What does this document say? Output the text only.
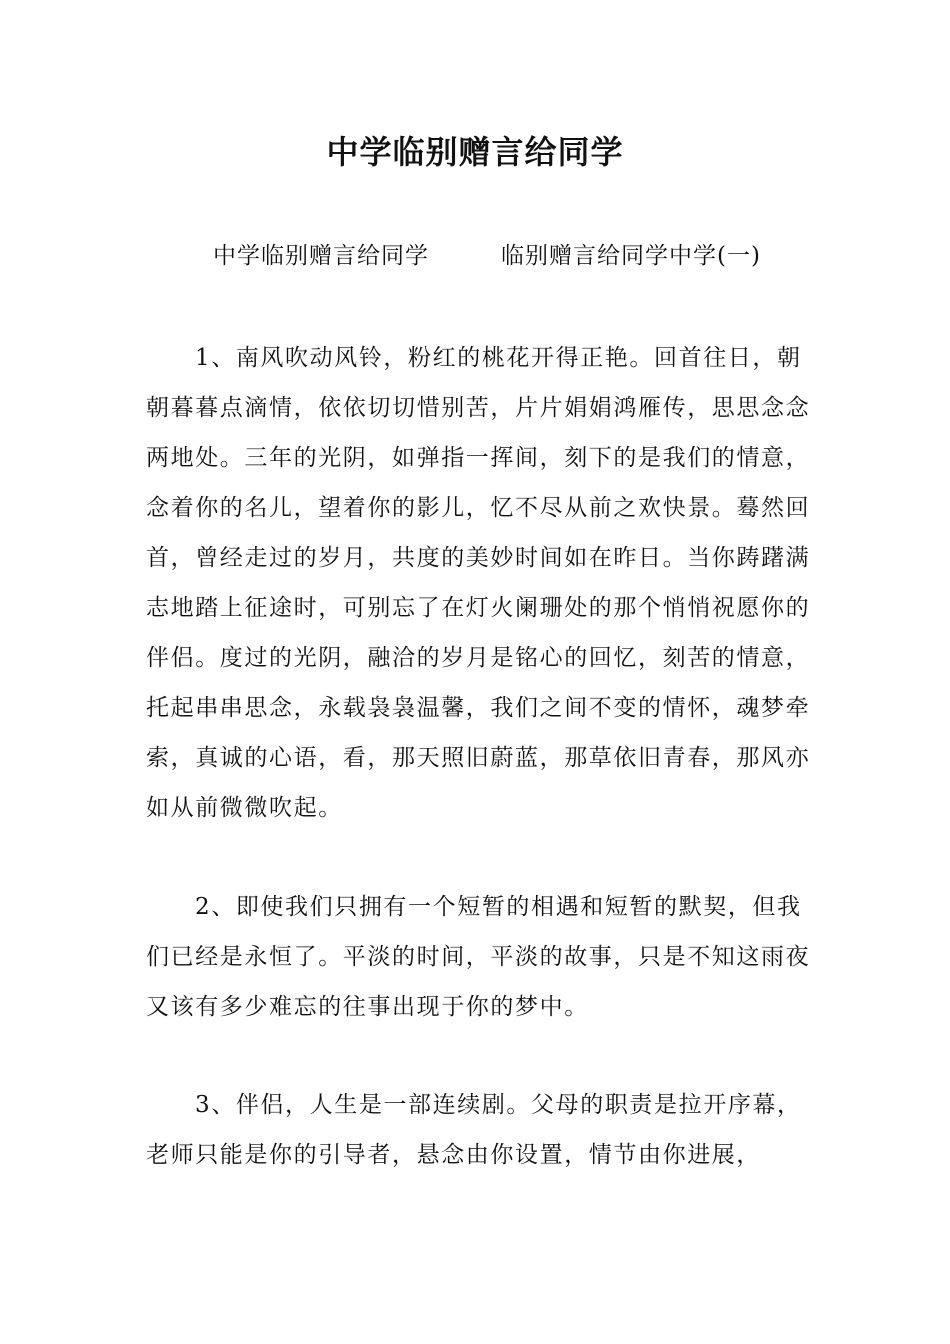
中学临别赠言给同学
中学临别赠言给同学　　　临别赠言给同学中学(一)

1、南风吹动风铃，粉红的桃花开得正艳。回首往日，朝朝暮暮点滴情，依依切切惜别苦，片片娟娟鸿雁传，思思念念两地处。三年的光阴，如弹指一挥间，刻下的是我们的情意，念着你的名儿，望着你的影儿，忆不尽从前之欢快景。蓦然回首，曾经走过的岁月，共度的美妙时间如在昨日。当你踌躇满志地踏上征途时，可别忘了在灯火阑珊处的那个悄悄祝愿你的伴侣。度过的光阴，融洽的岁月是铭心的回忆，刻苦的情意，托起串串思念，永载袅袅温馨，我们之间不变的情怀，魂梦牵索，真诚的心语，看，那天照旧蔚蓝，那草依旧青春，那风亦如从前微微吹起。

2、即使我们只拥有一个短暂的相遇和短暂的默契，但我们已经是永恒了。平淡的时间，平淡的故事，只是不知这雨夜又该有多少难忘的往事出现于你的梦中。

3、伴侣，人生是一部连续剧。父母的职责是拉开序幕，老师只能是你的引导者，悬念由你设置，情节由你进展，
